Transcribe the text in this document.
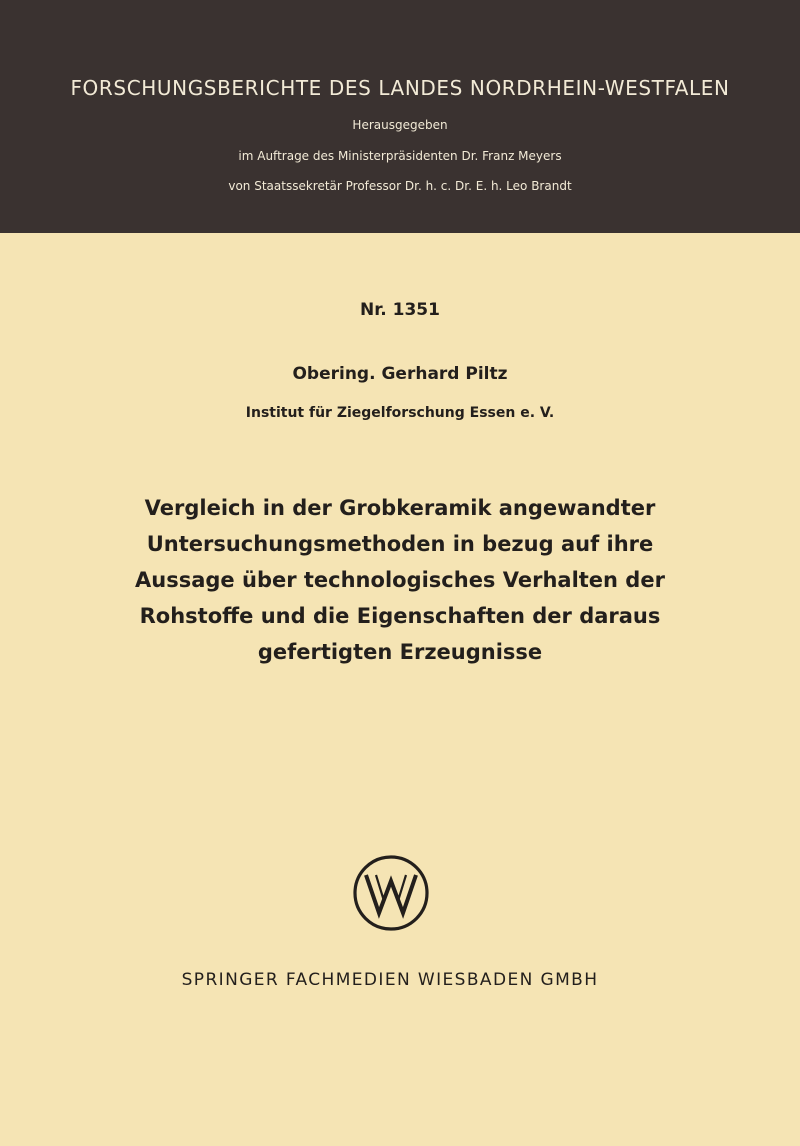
FORSCHUNGSBERICHTE DES LANDES NORDRHEIN-WESTFALEN
Herausgegeben
im Auftrage des Ministerpräsidenten Dr. Franz Meyers
von Staatssekretär Professor Dr. h. c. Dr. E. h. Leo Brandt
Nr. 1351
Obering. Gerhard Piltz
Institut für Ziegelforschung Essen e. V.
Vergleich in der Grobkeramik angewandter
Untersuchungsmethoden in bezug auf ihre
Aussage über technologisches Verhalten der
Rohstoffe und die Eigenschaften der daraus
gefertigten Erzeugnisse
SPRINGER FACHMEDIEN WIESBADEN GMBH
